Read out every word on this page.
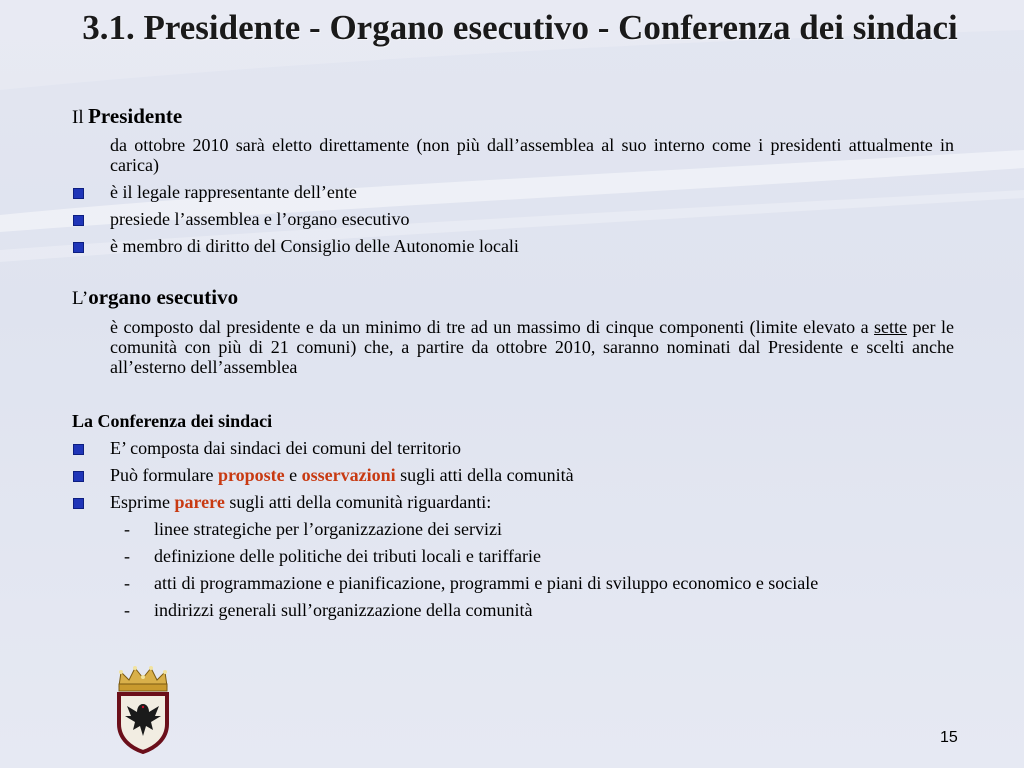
3.1. Presidente - Organo esecutivo - Conferenza dei sindaci

Il Presidente

da ottobre 2010 sarà eletto direttamente (non più dall’assemblea al suo interno come i presidenti attualmente in carica)

è il legale rappresentante dell’ente

presiede l’assemblea e l’organo esecutivo

è membro di diritto del Consiglio delle Autonomie locali

L’organo esecutivo

è composto dal presidente e da un minimo di tre ad un massimo di cinque componenti (limite elevato a sette per le comunità con più di 21 comuni) che, a partire da ottobre 2010, saranno nominati dal Presidente e scelti anche all’esterno dell’assemblea

La Conferenza dei sindaci

E’ composta dai sindaci dei comuni del territorio

Può formulare proposte e osservazioni sugli atti della comunità

Esprime parere sugli atti della comunità riguardanti:

- linee strategiche per l’organizzazione dei servizi

- definizione delle politiche dei tributi locali e tariffarie

- atti di programmazione e pianificazione, programmi e piani di sviluppo economico e sociale

- indirizzi generali sull’organizzazione della comunità

15
